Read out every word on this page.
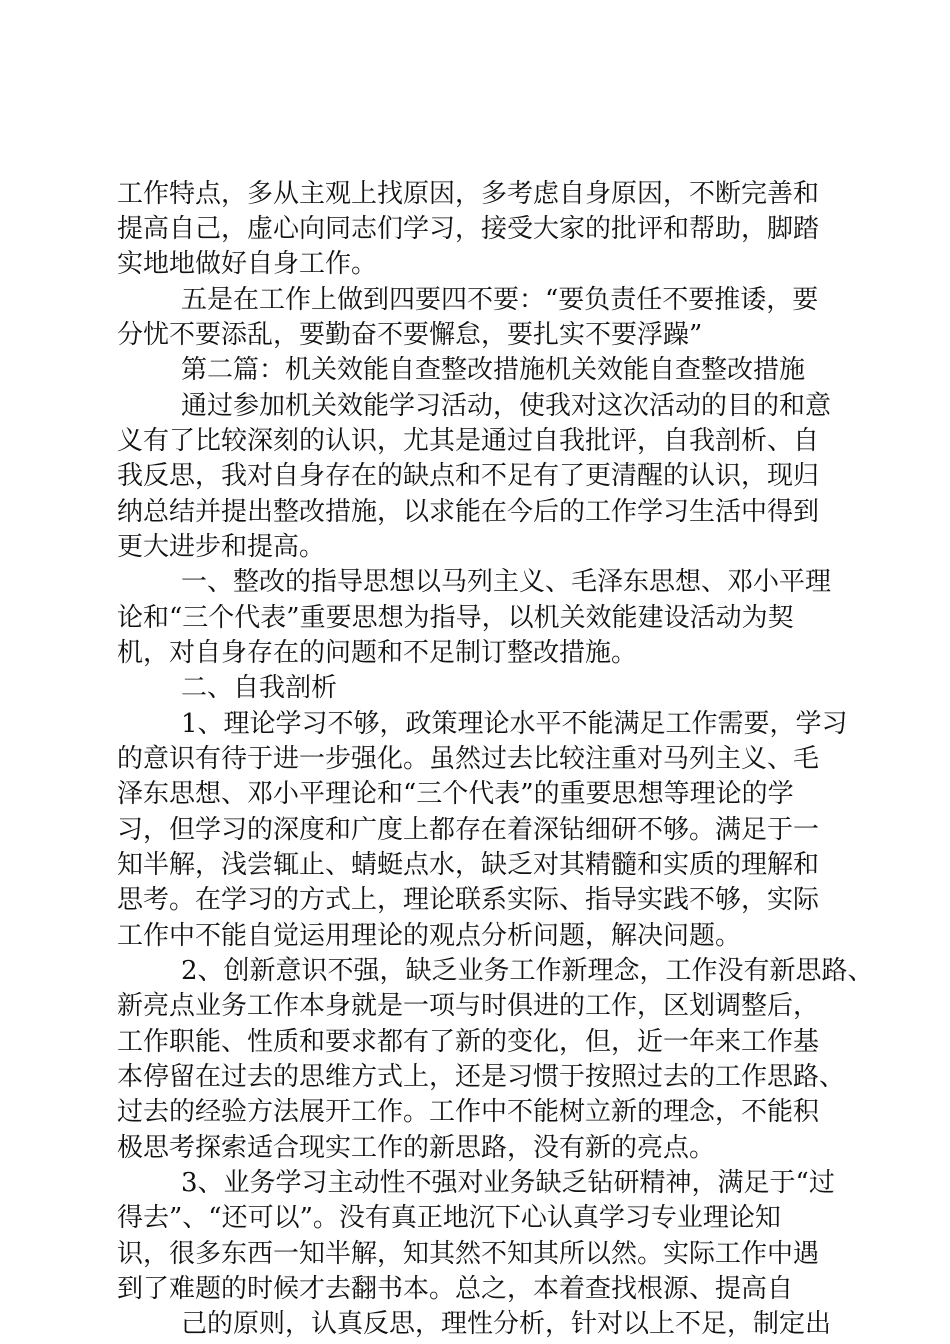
工作特点，多从主观上找原因，多考虑自身原因，不断完善和
提高自己，虚心向同志们学习，接受大家的批评和帮助，脚踏
实地地做好自身工作。
五是在工作上做到四要四不要：“要负责任不要推诿，要
分忧不要添乱，要勤奋不要懈怠，要扎实不要浮躁”
第二篇：机关效能自查整改措施机关效能自查整改措施
通过参加机关效能学习活动，使我对这次活动的目的和意
义有了比较深刻的认识，尤其是通过自我批评，自我剖析、自
我反思，我对自身存在的缺点和不足有了更清醒的认识，现归
纳总结并提出整改措施，以求能在今后的工作学习生活中得到
更大进步和提高。
一、整改的指导思想以马列主义、毛泽东思想、邓小平理
论和“三个代表”重要思想为指导，以机关效能建设活动为契
机，对自身存在的问题和不足制订整改措施。
二、自我剖析
1、理论学习不够，政策理论水平不能满足工作需要，学习
的意识有待于进一步强化。虽然过去比较注重对马列主义、毛
泽东思想、邓小平理论和“三个代表”的重要思想等理论的学
习，但学习的深度和广度上都存在着深钻细研不够。满足于一
知半解，浅尝辄止、蜻蜓点水，缺乏对其精髓和实质的理解和
思考。在学习的方式上，理论联系实际、指导实践不够，实际
工作中不能自觉运用理论的观点分析问题，解决问题。
2、创新意识不强，缺乏业务工作新理念，工作没有新思路、
新亮点业务工作本身就是一项与时俱进的工作，区划调整后，
工作职能、性质和要求都有了新的变化，但，近一年来工作基
本停留在过去的思维方式上，还是习惯于按照过去的工作思路、
过去的经验方法展开工作。工作中不能树立新的理念，不能积
极思考探索适合现实工作的新思路，没有新的亮点。
3、业务学习主动性不强对业务缺乏钻研精神，满足于“过
得去”、“还可以”。没有真正地沉下心认真学习专业理论知
识，很多东西一知半解，知其然不知其所以然。实际工作中遇
到了难题的时候才去翻书本。总之，本着查找根源、提高自
己的原则，认真反思，理性分析，针对以上不足，制定出
